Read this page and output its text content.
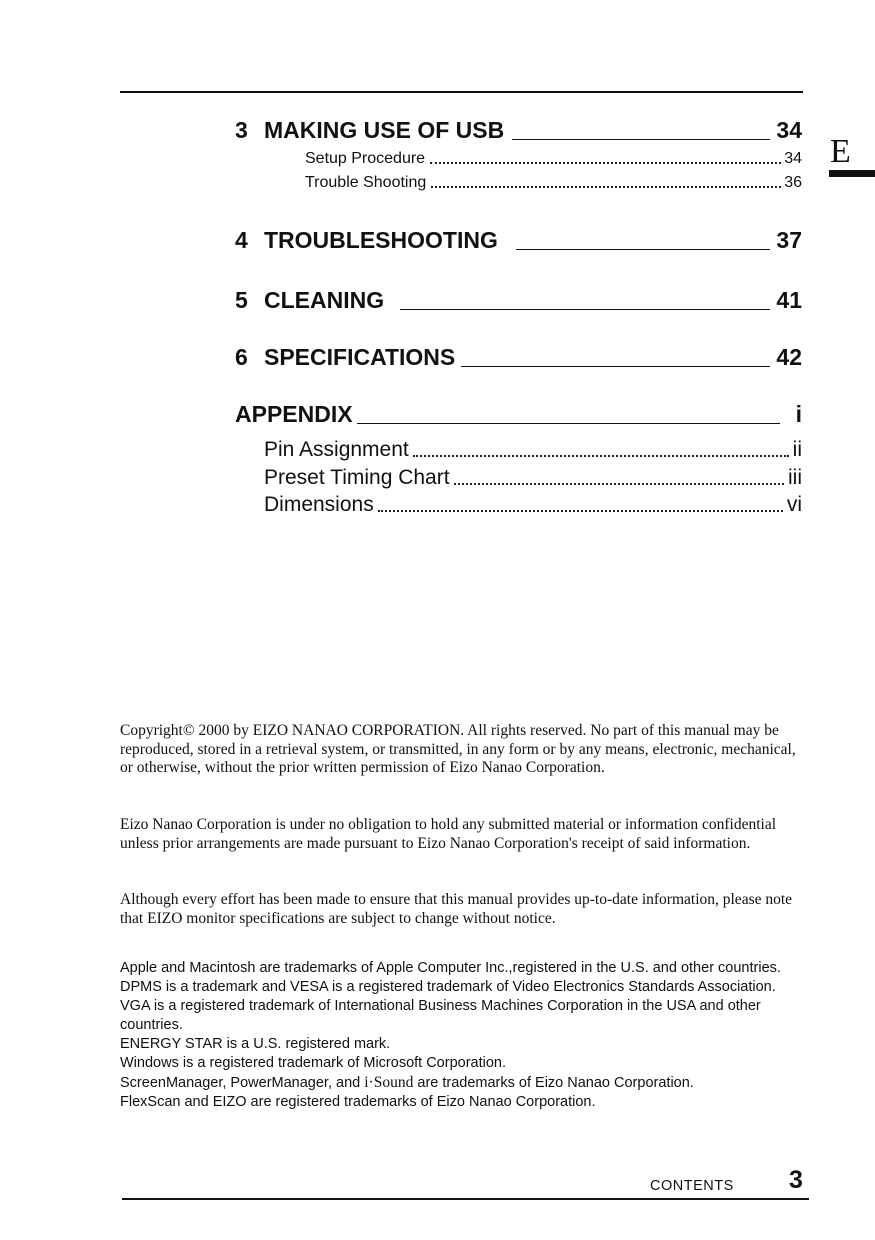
E
3 MAKING USE OF USB	34
Setup Procedure	34
Trouble Shooting	36
4 TROUBLESHOOTING	37
5 CLEANING	41
6 SPECIFICATIONS	42
APPENDIX	i
Pin Assignment	ii
Preset Timing Chart	iii
Dimensions	vi

Copyright© 2000 by EIZO NANAO CORPORATION. All rights reserved. No part of this manual may be reproduced, stored in a retrieval system, or transmitted, in any form or by any means, electronic, mechanical, or otherwise, without the prior written permission of Eizo Nanao Corporation.

Eizo Nanao Corporation is under no obligation to hold any submitted material or information confidential unless prior arrangements are made pursuant to Eizo Nanao Corporation's receipt of said information.

Although every effort has been made to ensure that this manual provides up-to-date information, please note that EIZO monitor specifications are subject to change without notice.

Apple and Macintosh are trademarks of Apple Computer Inc.,registered in the U.S. and other countries.
DPMS is a trademark and VESA is a registered trademark of Video Electronics Standards Association.
VGA is a registered trademark of International Business Machines Corporation in the USA and other countries.
ENERGY STAR is a U.S. registered mark.
Windows is a registered trademark of Microsoft Corporation.
ScreenManager, PowerManager, and i·Sound are trademarks of Eizo Nanao Corporation.
FlexScan and EIZO are registered trademarks of Eizo Nanao Corporation.
CONTENTS 3
